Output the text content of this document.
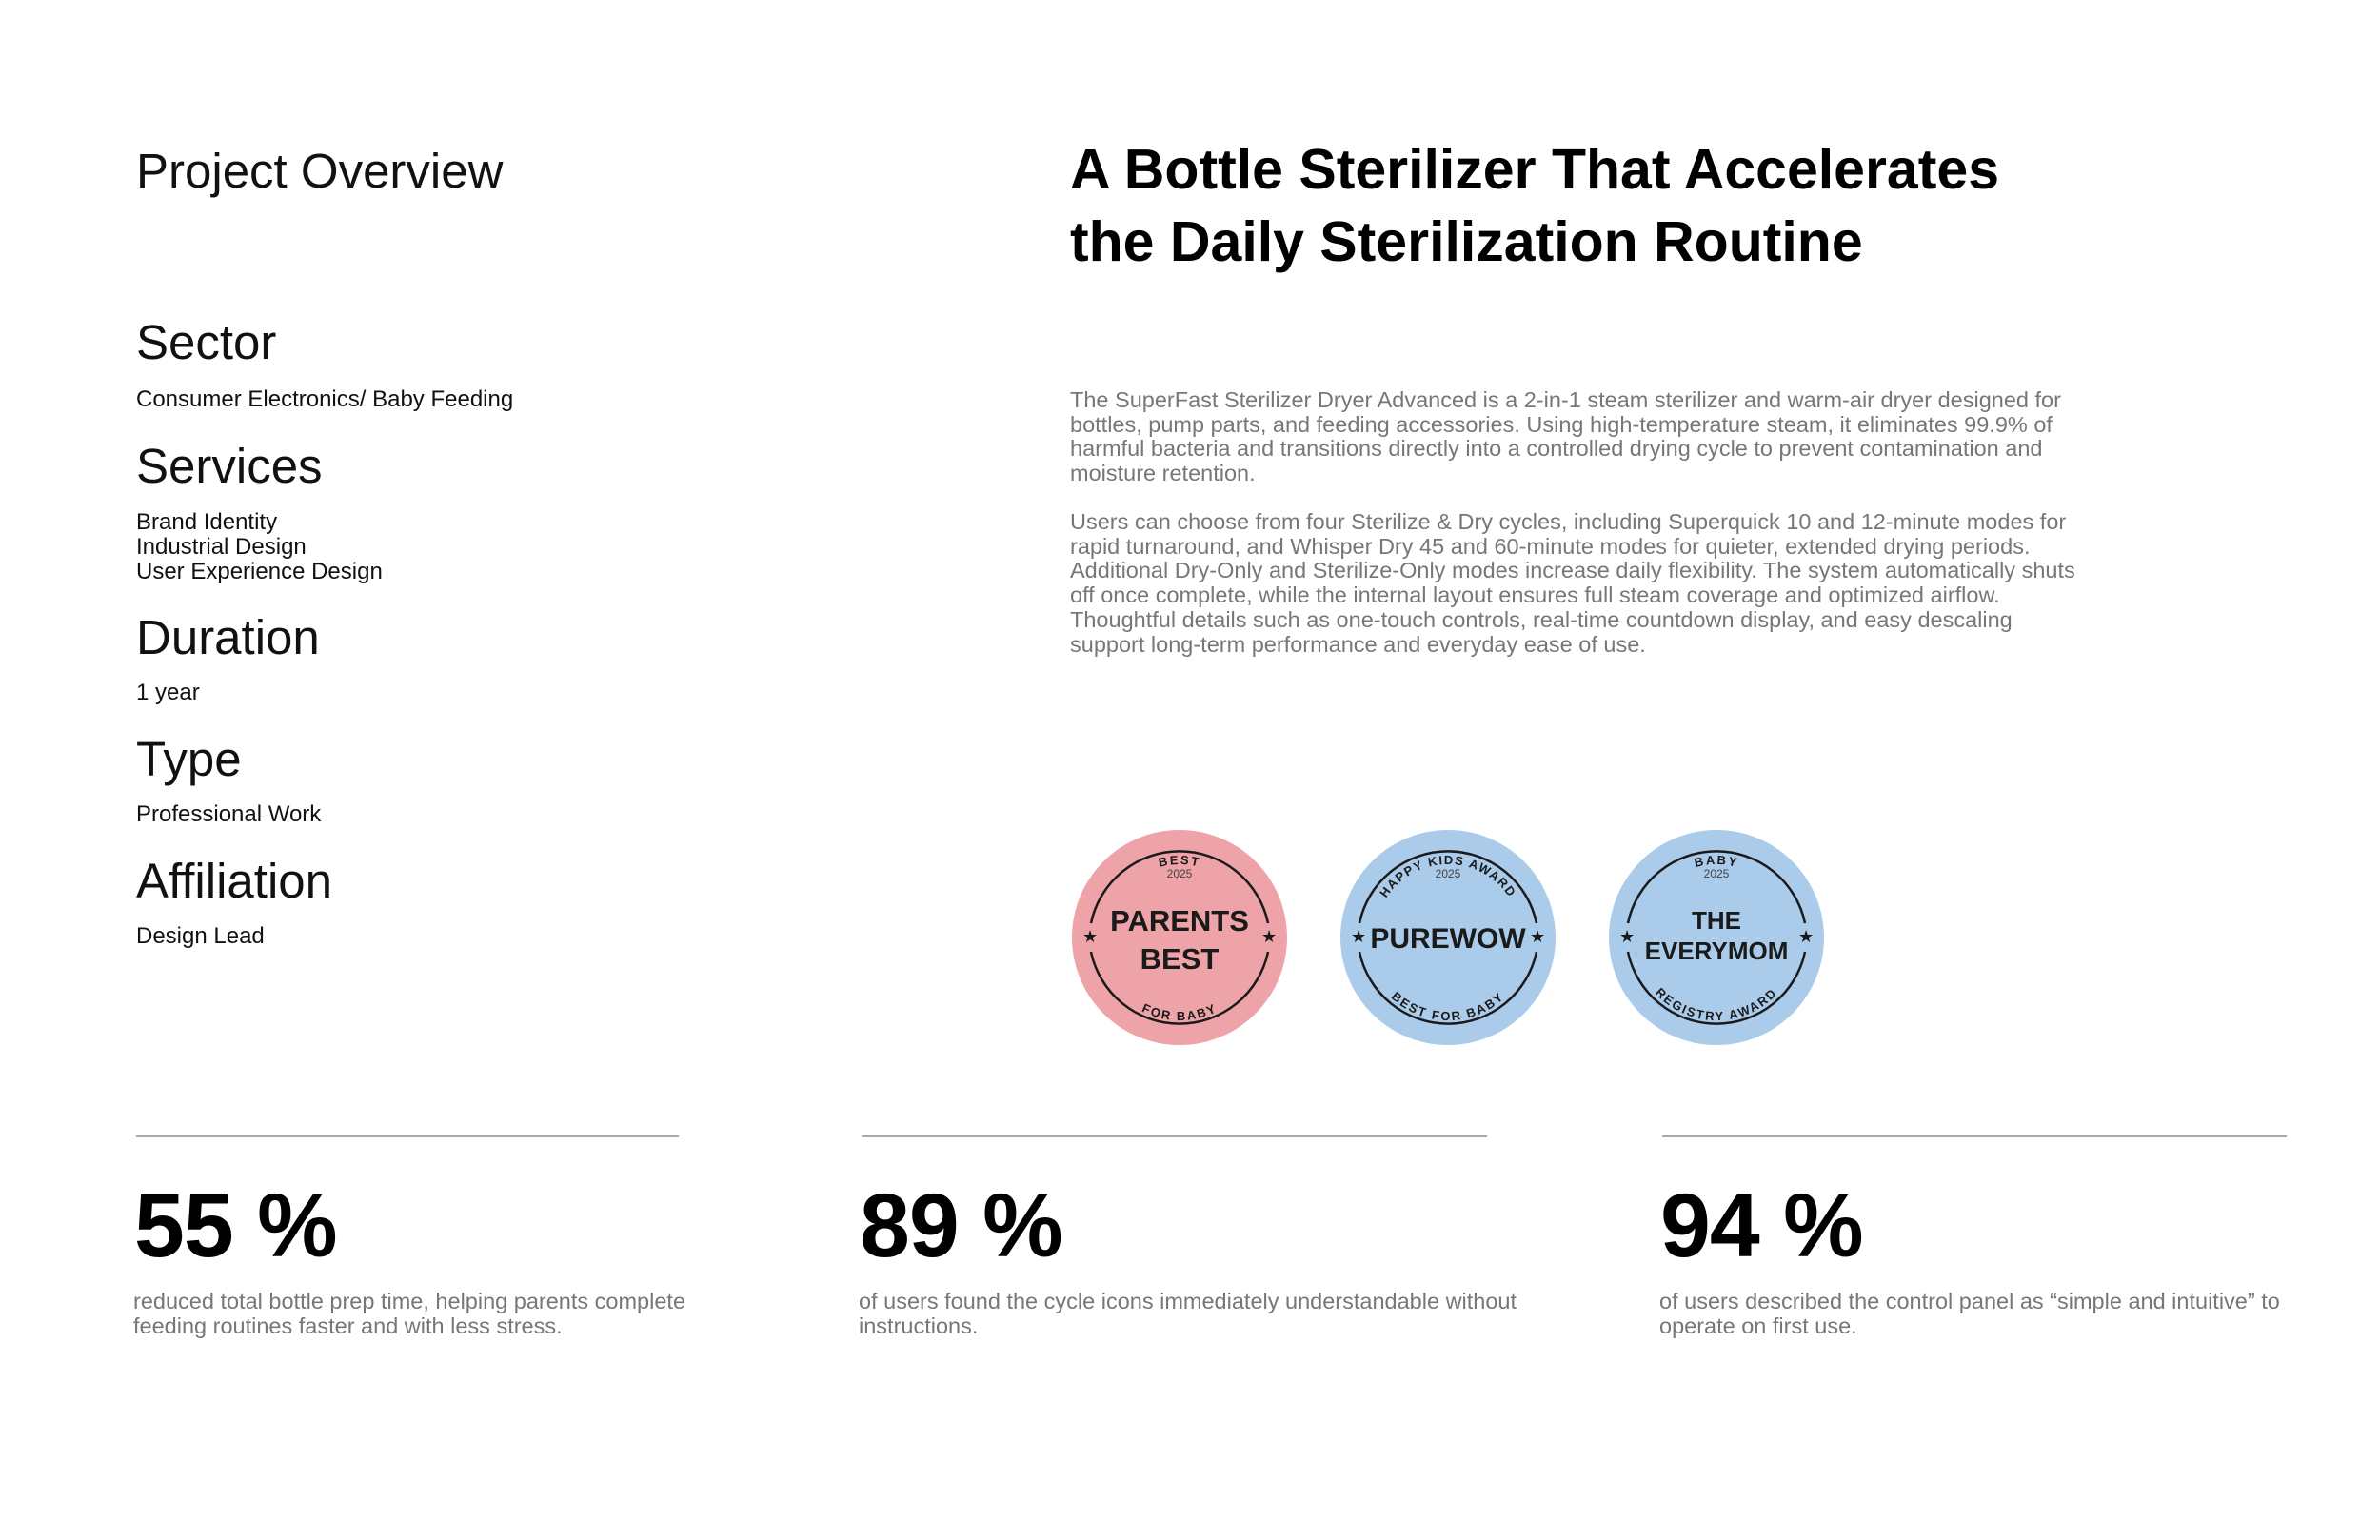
Project Overview
Sector
Consumer Electronics/ Baby Feeding
Services
Brand Identity
Industrial Design
User Experience Design
Duration
1 year
Type
Professional Work
Affiliation
Design Lead
A Bottle Sterilizer That Accelerates
the Daily Sterilization Routine

The SuperFast Sterilizer Dryer Advanced is a 2-in-1 steam sterilizer and warm-air dryer designed for bottles, pump parts, and feeding accessories. Using high-temperature steam, it eliminates 99.9% of harmful bacteria and transitions directly into a controlled drying cycle to prevent contamination and moisture retention.

Users can choose from four Sterilize & Dry cycles, including Superquick 10 and 12-minute modes for rapid turnaround, and Whisper Dry 45 and 60-minute modes for quieter, extended drying periods. Additional Dry-Only and Sterilize-Only modes increase daily flexibility. The system automatically shuts off once complete, while the internal layout ensures full steam coverage and optimized airflow. Thoughtful details such as one-touch controls, real-time countdown display, and easy descaling support long-term performance and everyday ease of use.

BEST
2025
PARENTS
BEST
★	★
FOR BABY
HAPPY KIDS AWARD
2025
PUREWOW
★	★
BEST FOR BABY
BABY
2025
THE
EVERYMOM
★	★
REGISTRY AWARD
55 %
reduced total bottle prep time, helping parents complete feeding routines faster and with less stress.
89 %
of users found the cycle icons immediately understandable without instructions.
94 %
of users described the control panel as “simple and intuitive” to operate on first use.
